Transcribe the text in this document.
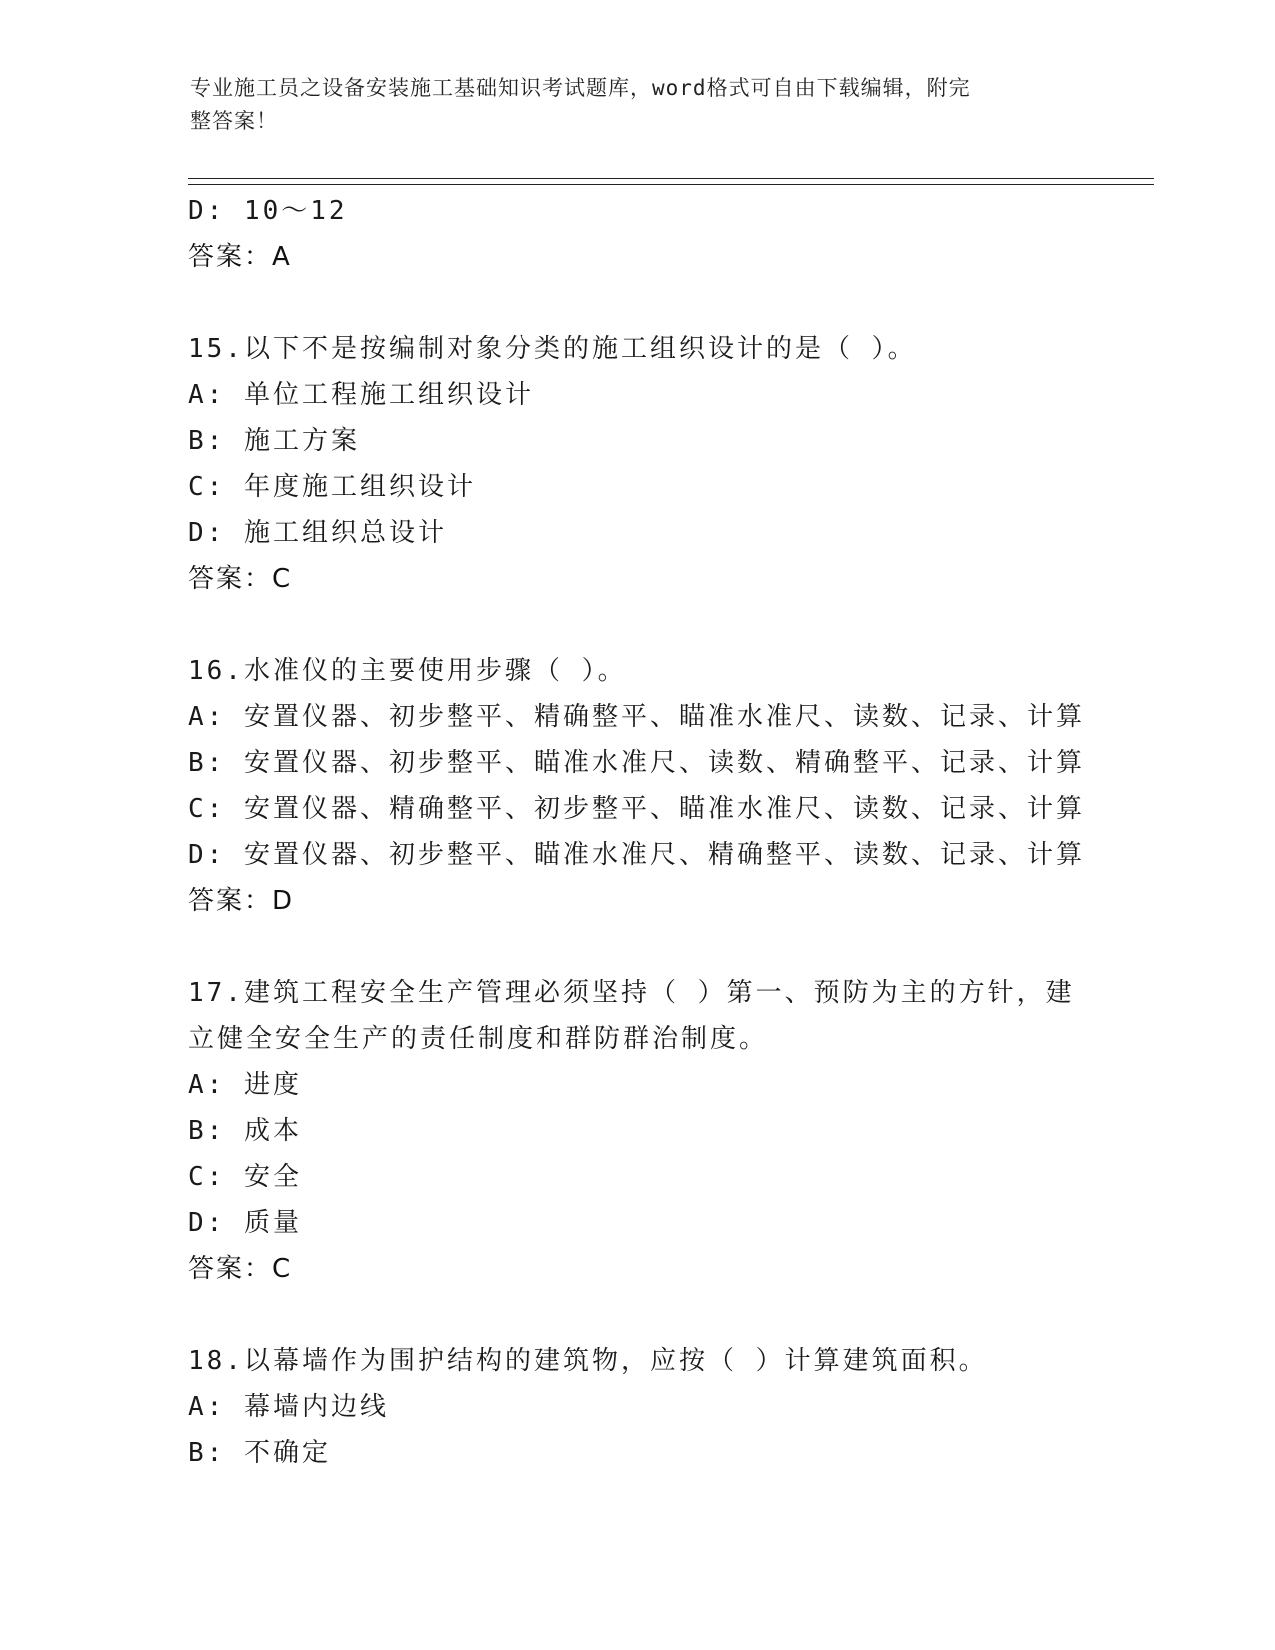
专业施工员之设备安装施工基础知识考试题库，word格式可自由下载编辑，附完
整答案！
D: 10～12
答案：A
15.以下不是按编制对象分类的施工组织设计的是（ ）。
A: 单位工程施工组织设计
B: 施工方案
C: 年度施工组织设计
D: 施工组织总设计
答案：C
16.水准仪的主要使用步骤（ ）。
A: 安置仪器、初步整平、精确整平、瞄准水准尺、读数、记录、计算
B: 安置仪器、初步整平、瞄准水准尺、读数、精确整平、记录、计算
C: 安置仪器、精确整平、初步整平、瞄准水准尺、读数、记录、计算
D: 安置仪器、初步整平、瞄准水准尺、精确整平、读数、记录、计算
答案：D
17.建筑工程安全生产管理必须坚持（ ）第一、预防为主的方针，建
立健全安全生产的责任制度和群防群治制度。
A: 进度
B: 成本
C: 安全
D: 质量
答案：C
18.以幕墙作为围护结构的建筑物，应按（ ）计算建筑面积。
A: 幕墙内边线
B: 不确定
